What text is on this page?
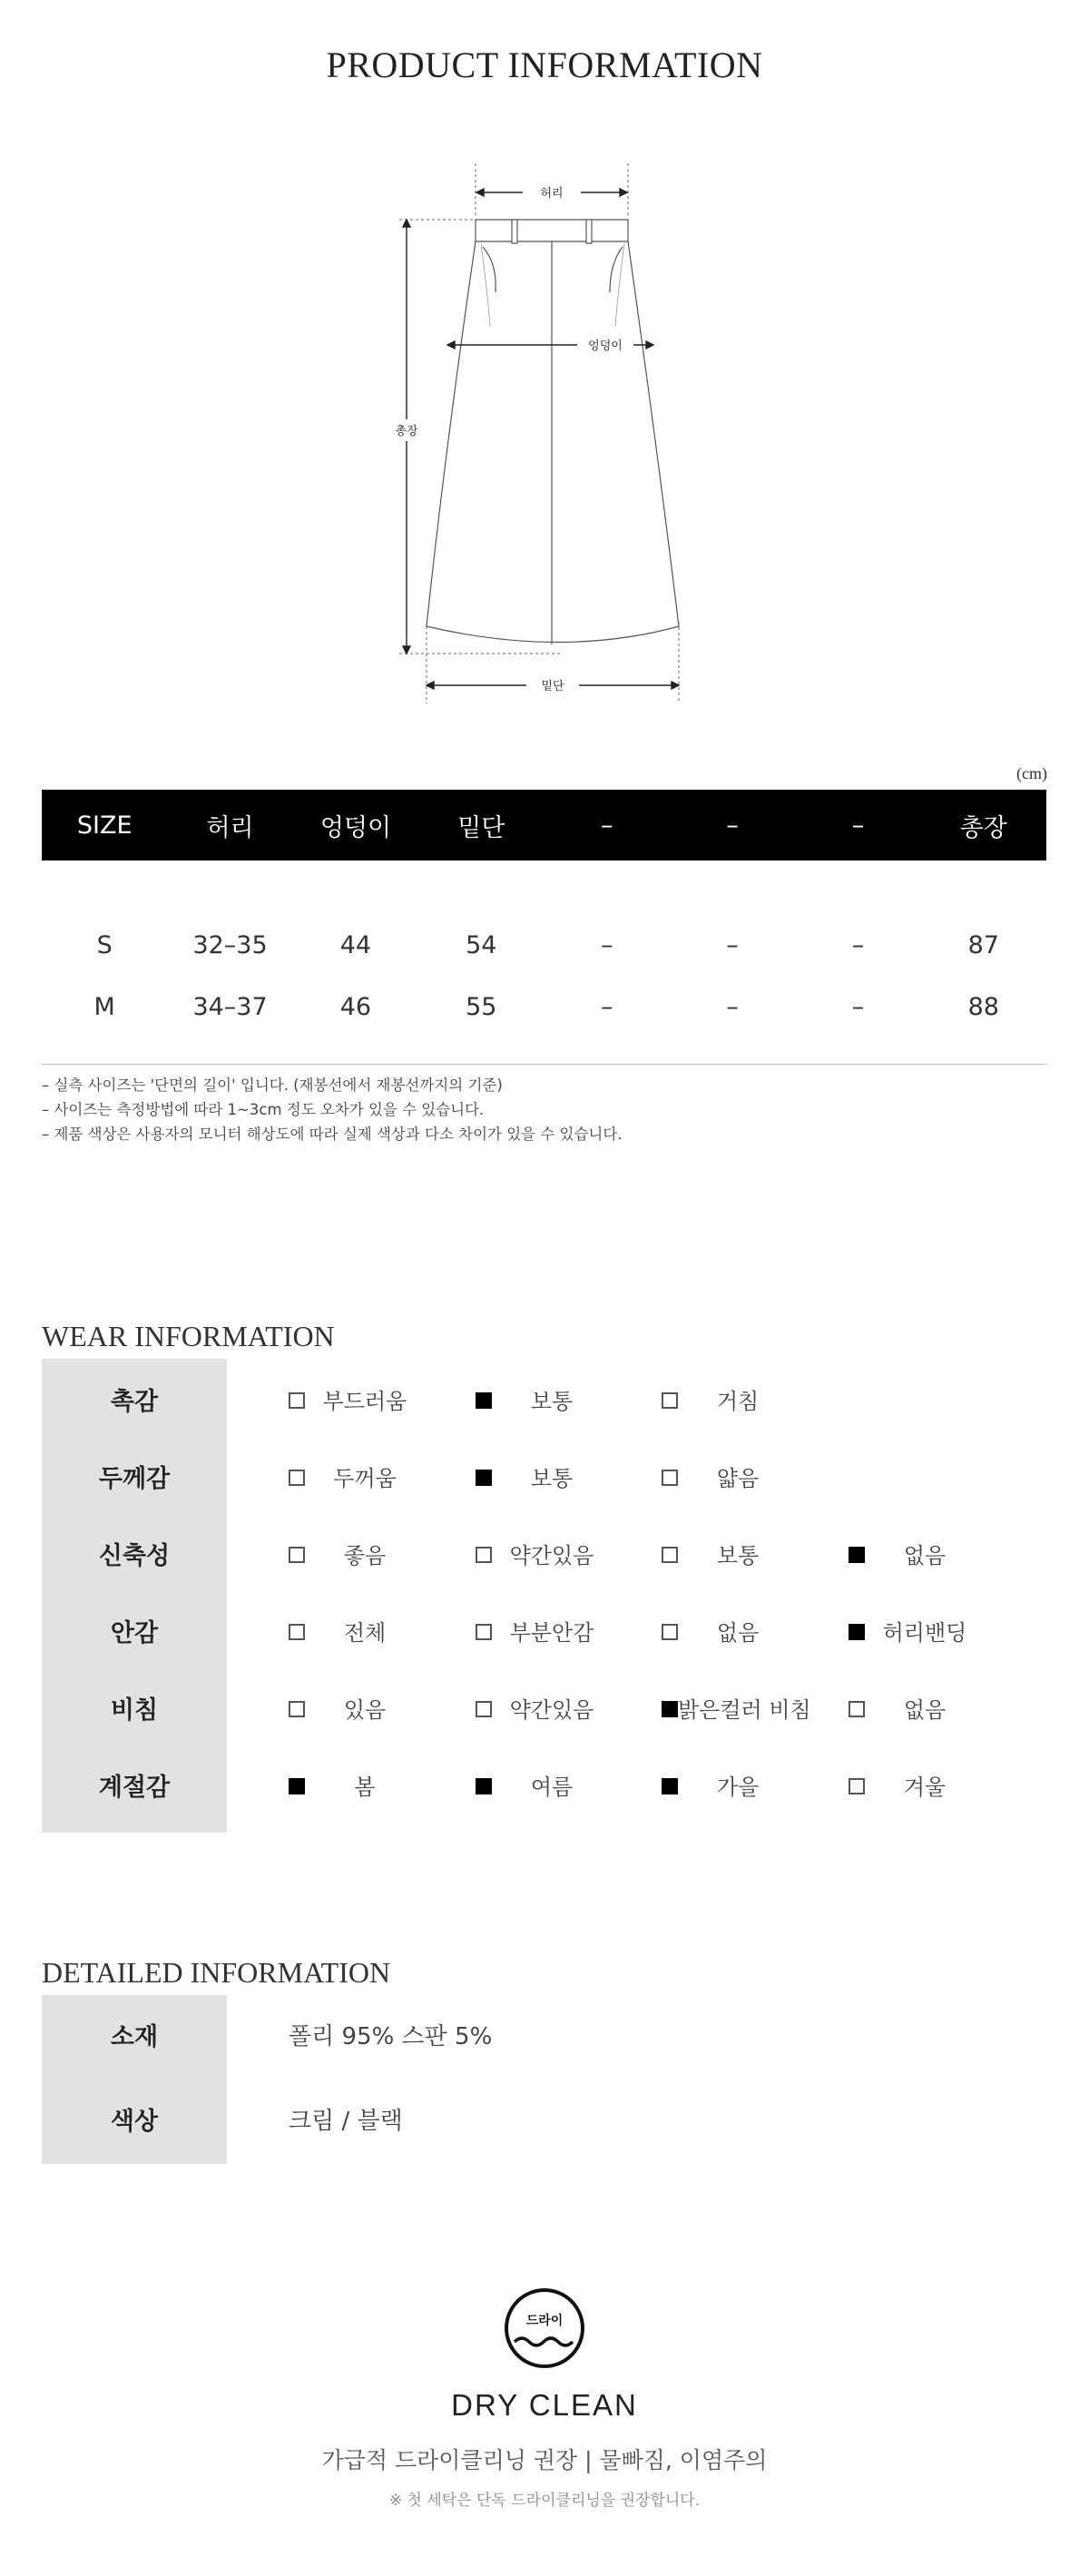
PRODUCT INFORMATION
허리
엉덩이
총장
밑단
(cm)
SIZE	허리	엉덩이	밑단	–	–	–	총장
S	32–35	44	54	–	–	–	87
M	34–37	46	55	–	–	–	88
– 실측 사이즈는 '단면의 길이' 입니다. (재봉선에서 재봉선까지의 기준)
– 사이즈는 측정방법에 따라 1~3cm 정도 오차가 있을 수 있습니다.
– 제품 색상은 사용자의 모니터 해상도에 따라 실제 색상과 다소 차이가 있을 수 있습니다.
WEAR INFORMATION
촉감	부드러움	보통	거침
두께감	두꺼움	보통	얇음
신축성	좋음	약간있음	보통	없음
안감	전체	부분안감	없음	허리밴딩
비침	있음	약간있음	밝은컬러 비침	없음
계절감	봄	여름	가을	겨울
DETAILED INFORMATION
소재	폴리 95% 스판 5%
색상	크림 / 블랙
드라이
DRY CLEAN
가급적 드라이클리닝 권장 | 물빠짐, 이염주의
※ 첫 세탁은 단독 드라이클리닝을 권장합니다.
